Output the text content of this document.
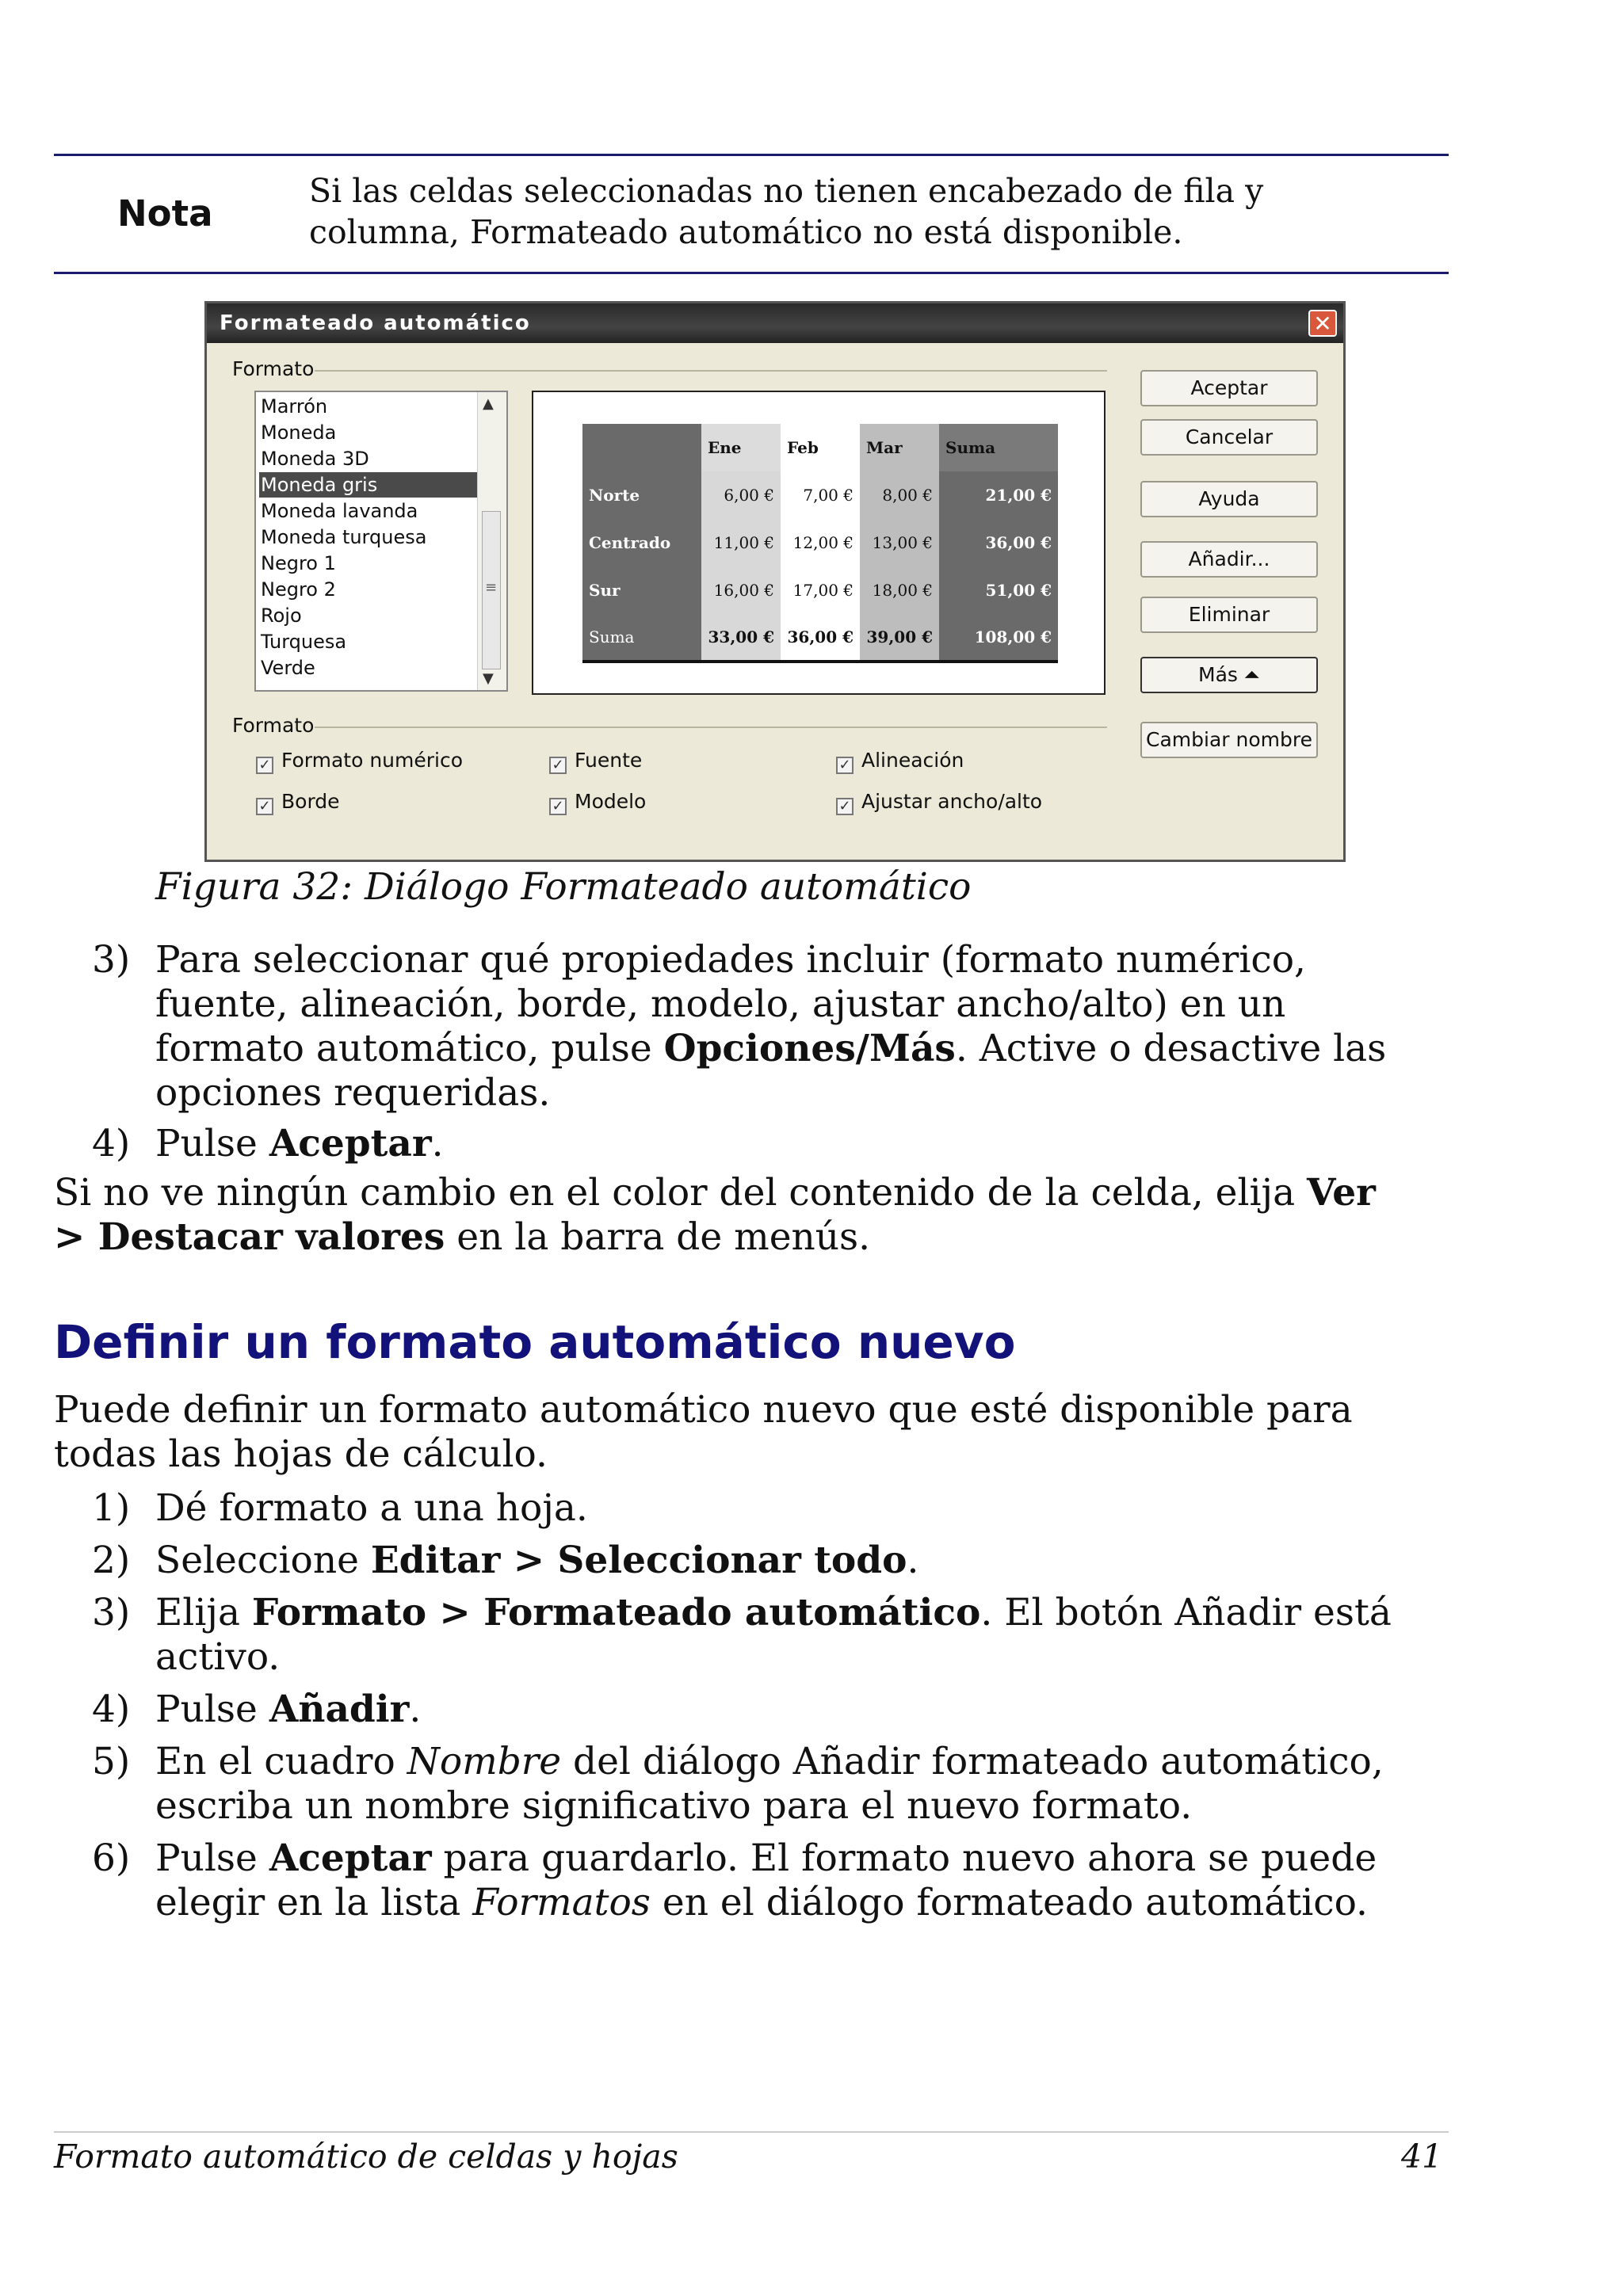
Nota
Si las celdas seleccionadas no tienen encabezado de fila y
columna, Formateado automático no está disponible.
Formateado automático	✕
Formato
Marrón
Moneda
Moneda 3D
Moneda gris
Moneda lavanda
Moneda turquesa
Negro 1
Negro 2
Rojo
Turquesa
Verde
▲
≡
▼
	Ene	Feb	Mar	Suma
Norte	6,00 €	7,00 €	8,00 €	21,00 €
Centrado	11,00 €	12,00 €	13,00 €	36,00 €
Sur	16,00 €	17,00 €	18,00 €	51,00 €
Suma	33,00 €	36,00 €	39,00 €	108,00 €
Aceptar
Cancelar
Ayuda
Añadir...
Eliminar
Más ⏶
Cambiar nombre
Formato
✓ Formato numérico	✓ Fuente	✓ Alineación
✓ Borde	✓ Modelo	✓ Ajustar ancho/alto
Figura 32: Diálogo Formateado automático
3) Para seleccionar qué propiedades incluir (formato numérico,
fuente, alineación, borde, modelo, ajustar ancho/alto) en un
formato automático, pulse Opciones/Más. Active o desactive las
opciones requeridas.
4) Pulse Aceptar.
Si no ve ningún cambio en el color del contenido de la celda, elija Ver
> Destacar valores en la barra de menús.
Definir un formato automático nuevo
Puede definir un formato automático nuevo que esté disponible para
todas las hojas de cálculo.
1) Dé formato a una hoja.
2) Seleccione Editar > Seleccionar todo.
3) Elija Formato > Formateado automático. El botón Añadir está
activo.
4) Pulse Añadir.
5) En el cuadro Nombre del diálogo Añadir formateado automático,
escriba un nombre significativo para el nuevo formato.
6) Pulse Aceptar para guardarlo. El formato nuevo ahora se puede
elegir en la lista Formatos en el diálogo formateado automático.
Formato automático de celdas y hojas	41
